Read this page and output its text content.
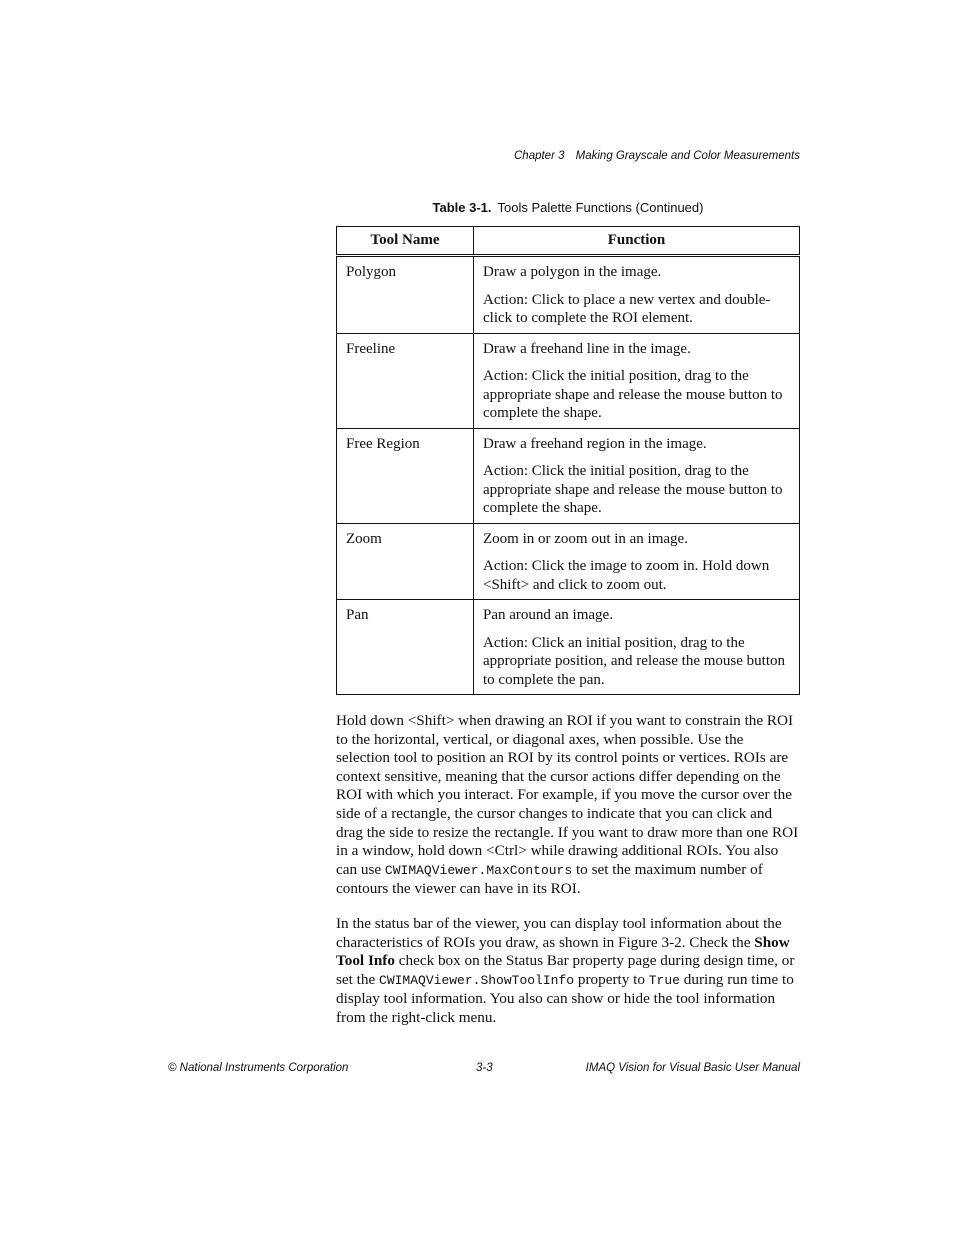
Chapter 3 Making Grayscale and Color Measurements
Table 3-1. Tools Palette Functions (Continued)
Tool Name	Function
Polygon	Draw a polygon in the image.

Action: Click to place a new vertex and double-click to complete the ROI element.

Freeline	Draw a freehand line in the image.

Action: Click the initial position, drag to the appropriate shape and release the mouse button to complete the shape.

Free Region	Draw a freehand region in the image.

Action: Click the initial position, drag to the appropriate shape and release the mouse button to complete the shape.

Zoom	Zoom in or zoom out in an image.

Action: Click the image to zoom in. Hold down <Shift> and click to zoom out.

Pan	Pan around an image.

Action: Click an initial position, drag to the appropriate position, and release the mouse button to complete the pan.

Hold down <Shift> when drawing an ROI if you want to constrain the ROI to the horizontal, vertical, or diagonal axes, when possible. Use the selection tool to position an ROI by its control points or vertices. ROIs are context sensitive, meaning that the cursor actions differ depending on the ROI with which you interact. For example, if you move the cursor over the side of a rectangle, the cursor changes to indicate that you can click and drag the side to resize the rectangle. If you want to draw more than one ROI in a window, hold down <Ctrl> while drawing additional ROIs. You also can use CWIMAQViewer.MaxContours to set the maximum number of contours the viewer can have in its ROI.

In the status bar of the viewer, you can display tool information about the characteristics of ROIs you draw, as shown in Figure 3-2. Check the Show Tool Info check box on the Status Bar property page during design time, or set the CWIMAQViewer.ShowToolInfo property to True during run time to display tool information. You also can show or hide the tool information from the right-click menu.

© National Instruments Corporation	3-3	IMAQ Vision for Visual Basic User Manual
